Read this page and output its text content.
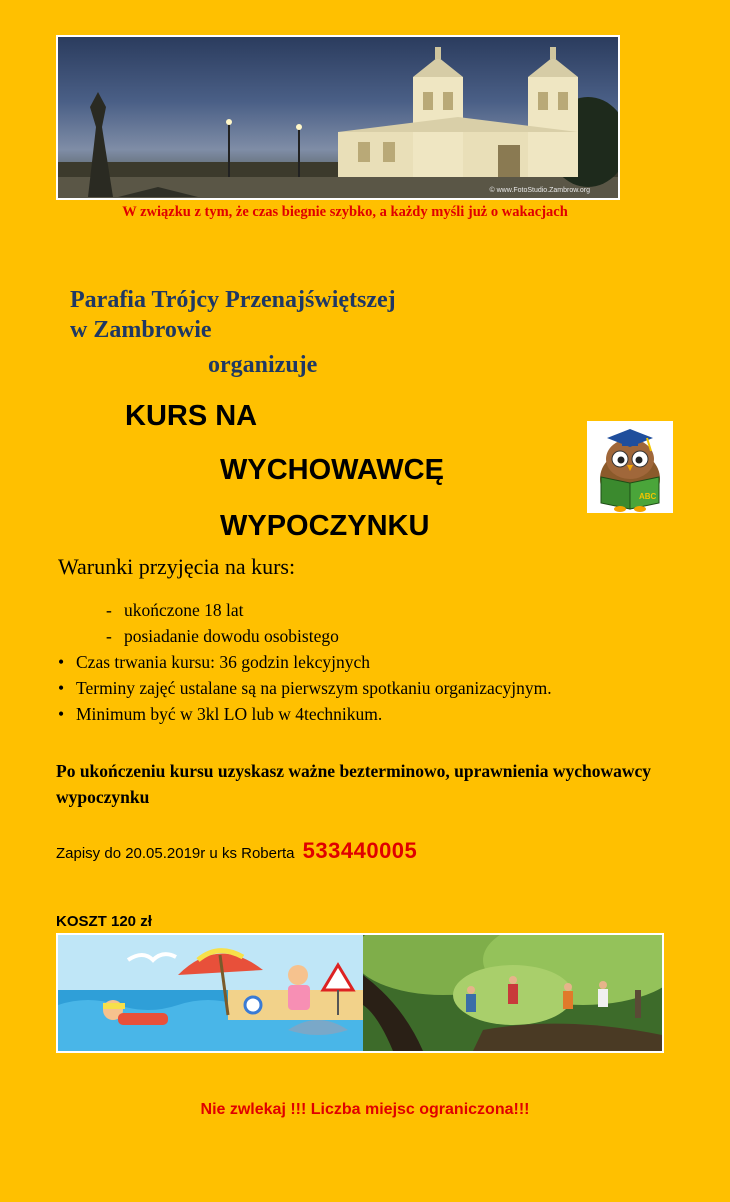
© www.FotoStudio.Zambrow.org
W związku z tym, że czas biegnie szybko, a każdy myśli już o wakacjach
Parafia Trójcy Przenajświętszej
w Zambrowie
organizuje
KURS NA
WYCHOWAWCĘ
WYPOCZYNKU
ABC
Warunki przyjęcia na kurs:
- ukończone 18 lat
- posiadanie dowodu osobistego
• Czas trwania kursu: 36 godzin lekcyjnych
• Terminy zajęć ustalane są na pierwszym spotkaniu organizacyjnym.
• Minimum być w 3kl LO lub w 4technikum.
Po ukończeniu kursu uzyskasz ważne bezterminowo, uprawnienia wychowawcy wypoczynku
Zapisy do 20.05.2019r u ks Roberta 533440005
KOSZT 120 zł
Nie zwlekaj !!! Liczba miejsc ograniczona!!!
